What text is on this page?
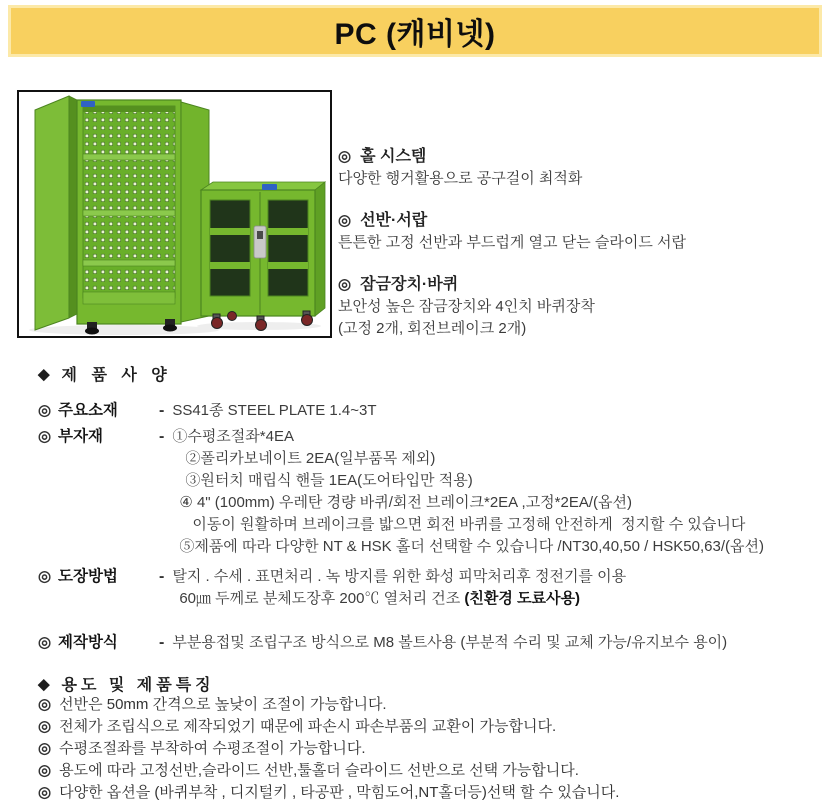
PC (캐비넷)
◎ 홀 시스템
다양한 행거활용으로 공구걸이 최적화
◎ 선반·서랍
튼튼한 고정 선반과 부드럽게 열고 닫는 슬라이드 서랍
◎ 잠금장치·바퀴
보안성 높은 잠금장치와 4인치 바퀴장착
(고정 2개, 회전브레이크 2개)
◆ 제 품 사 양
◎ 주요소재	- SS41종 STEEL PLATE 1.4~3T
◎ 부자재	- ①수평조절좌*4EA
②폴리카보네이트 2EA(일부품목 제외)
③원터치 매립식 핸들 1EA(도어타입만 적용)
④ 4" (100mm) 우레탄 경량 바퀴/회전 브레이크*2EA ,고정*2EA/(옵션)
이동이 원활하며 브레이크를 밟으면 회전 바퀴를 고정해 안전하게  정지할 수 있습니다
⑤제품에 따라 다양한 NT & HSK 홀더 선택할 수 있습니다 /NT30,40,50 / HSK50,63/(옵션)
◎ 도장방법	- 탈지 . 수세 . 표면처리 . 녹 방지를 위한 화성 피막처리후 정전기를 이용
60㎛ 두께로 분체도장후 200℃ 열처리 건조 (친환경 도료사용)
◎ 제작방식	- 부분용접및 조립구조 방식으로 M8 볼트사용 (부분적 수리 및 교체 가능/유지보수 용이)
◆ 용도 및 제품특징
◎ 선반은 50mm 간격으로 높낮이 조절이 가능합니다.
◎ 전체가 조립식으로 제작되었기 때문에 파손시 파손부품의 교환이 가능합니다.
◎ 수평조절좌를 부착하여 수평조절이 가능합니다.
◎ 용도에 따라 고정선반,슬라이드 선반,툴홀더 슬라이드 선반으로 선택 가능합니다.
◎ 다양한 옵션을 (바퀴부착 , 디지털키 , 타공판 , 막힘도어,NT홀더등)선택 할 수 있습니다.
